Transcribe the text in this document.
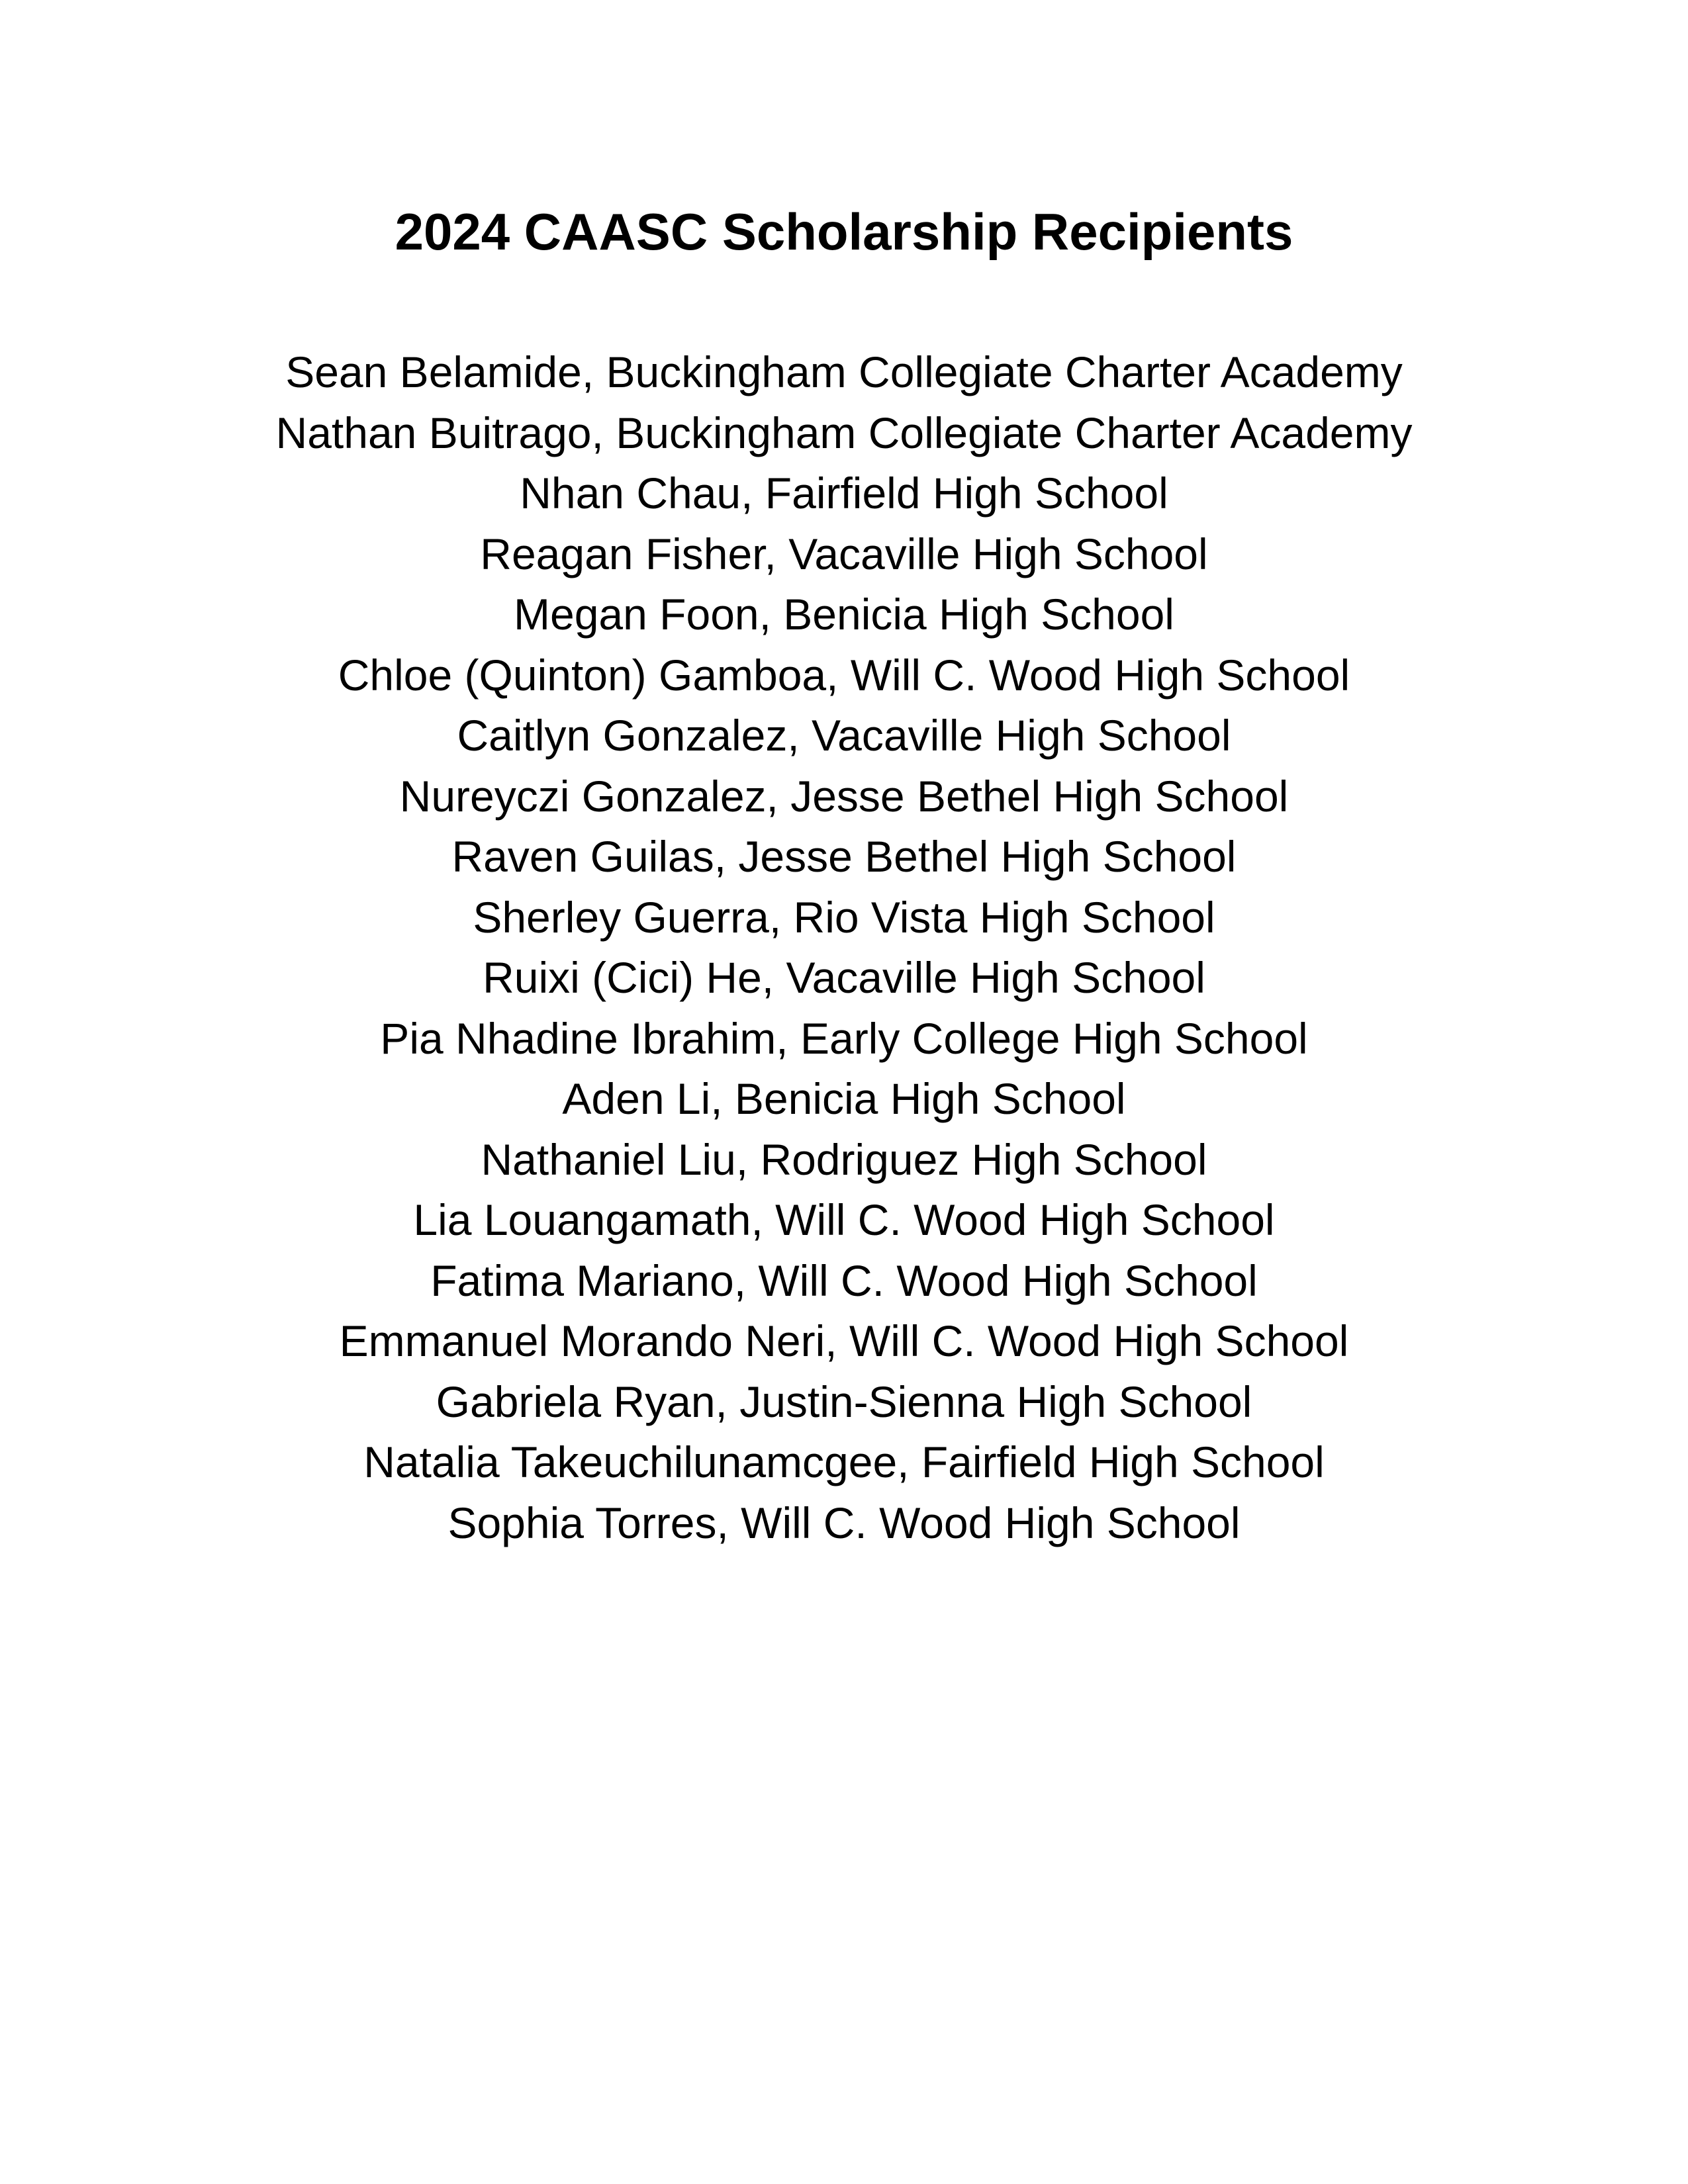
2024 CAASC Scholarship Recipients
Sean Belamide, Buckingham Collegiate Charter Academy
Nathan Buitrago, Buckingham Collegiate Charter Academy
Nhan Chau, Fairfield High School
Reagan Fisher, Vacaville High School
Megan Foon, Benicia High School
Chloe (Quinton) Gamboa, Will C. Wood High School
Caitlyn Gonzalez, Vacaville High School
Nureyczi Gonzalez, Jesse Bethel High School
Raven Guilas, Jesse Bethel High School
Sherley Guerra, Rio Vista High School
Ruixi (Cici) He, Vacaville High School
Pia Nhadine Ibrahim, Early College High School
Aden Li, Benicia High School
Nathaniel Liu, Rodriguez High School
Lia Louangamath, Will C. Wood High School
Fatima Mariano, Will C. Wood High School
Emmanuel Morando Neri, Will C. Wood High School
Gabriela Ryan, Justin-Sienna High School
Natalia Takeuchilunamcgee, Fairfield High School
Sophia Torres, Will C. Wood High School
